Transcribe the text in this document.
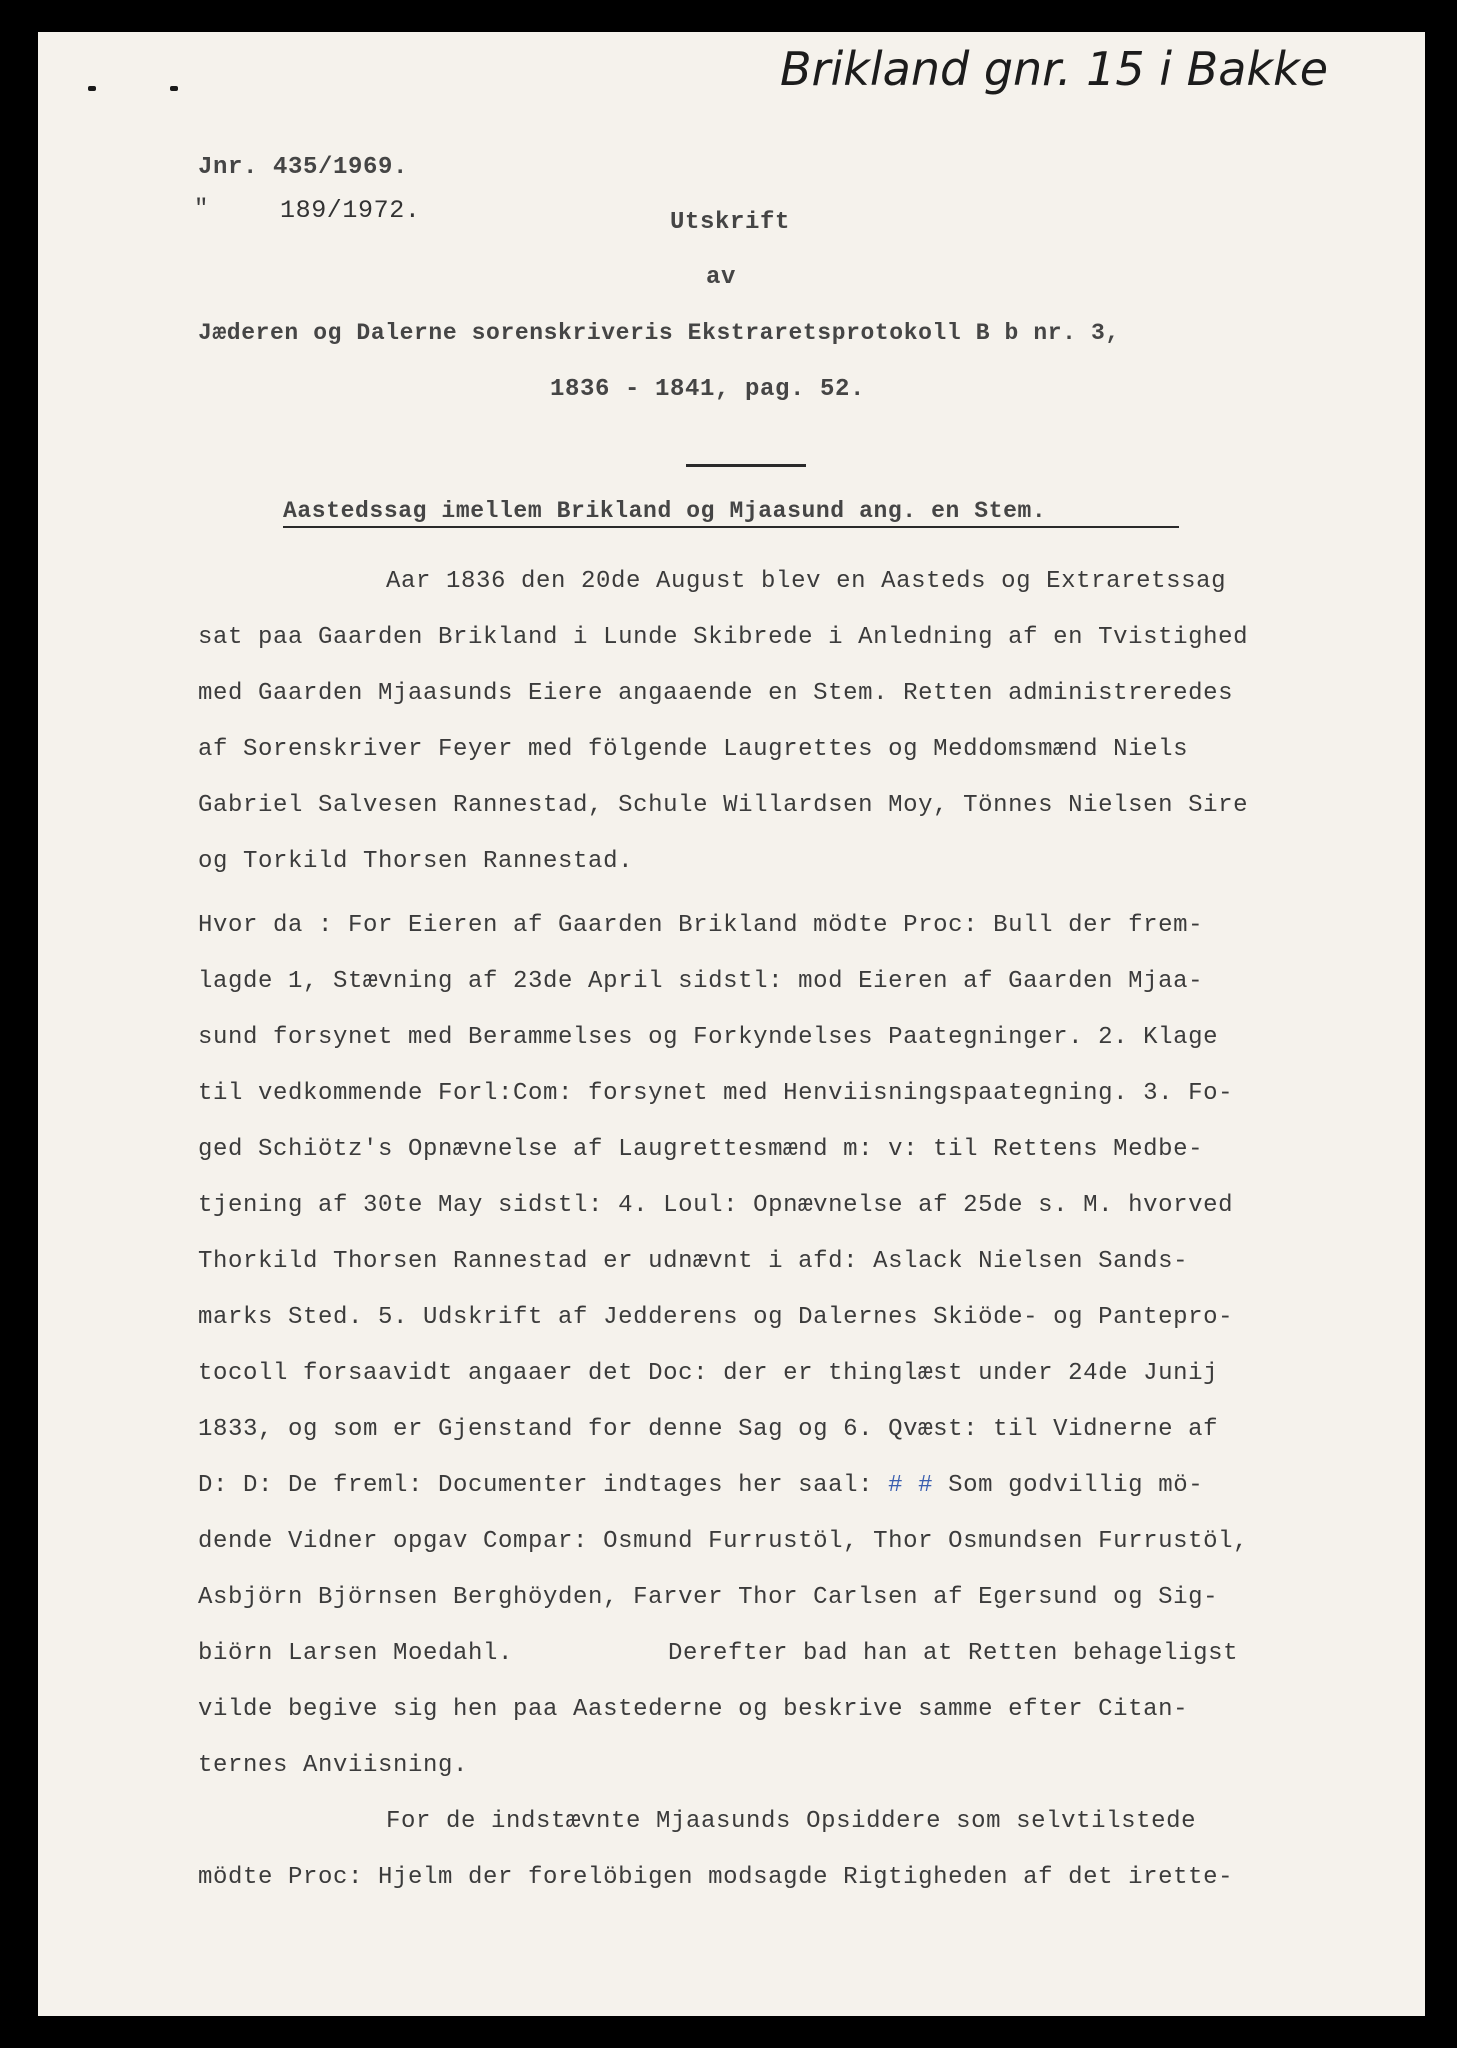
Brikland gnr. 15 i Bakke
Jnr. 435/1969.
"	189/1972.	Utskrift
av
Jæderen og Dalerne sorenskriveris Ekstraretsprotokoll B b nr. 3,
1836 - 1841, pag. 52.
Aastedssag imellem Brikland og Mjaasund ang. en Stem.
Aar 1836 den 20de August blev en Aasteds og Extraretssag
sat paa Gaarden Brikland i Lunde Skibrede i Anledning af en Tvistighed
med Gaarden Mjaasunds Eiere angaaende en Stem. Retten administreredes
af Sorenskriver Feyer med fölgende Laugrettes og Meddomsmænd Niels
Gabriel Salvesen Rannestad, Schule Willardsen Moy, Tönnes Nielsen Sire
og Torkild Thorsen Rannestad.
Hvor da : For Eieren af Gaarden Brikland mödte Proc: Bull der frem-
lagde 1, Stævning af 23de April sidstl: mod Eieren af Gaarden Mjaa-
sund forsynet med Berammelses og Forkyndelses Paategninger. 2. Klage
til vedkommende Forl:Com: forsynet med Henviisningspaategning. 3. Fo-
ged Schiötz's Opnævnelse af Laugrettesmænd m: v: til Rettens Medbe-
tjening af 30te May sidstl: 4. Loul: Opnævnelse af 25de s. M. hvorved
Thorkild Thorsen Rannestad er udnævnt i afd: Aslack Nielsen Sands-
marks Sted. 5. Udskrift af Jedderens og Dalernes Skiöde- og Pantepro-
tocoll forsaavidt angaaer det Doc: der er thinglæst under 24de Junij
1833, og som er Gjenstand for denne Sag og 6. Qvæst: til Vidnerne af
D: D: De freml: Documenter indtages her saal: # # Som godvillig mö-
dende Vidner opgav Compar: Osmund Furrustöl, Thor Osmundsen Furrustöl,
Asbjörn Björnsen Berghöyden, Farver Thor Carlsen af Egersund og Sig-
biörn Larsen Moedahl.	Derefter bad han at Retten behageligst
vilde begive sig hen paa Aastederne og beskrive samme efter Citan-
ternes Anviisning.
For de indstævnte Mjaasunds Opsiddere som selvtilstede
mödte Proc: Hjelm der forelöbigen modsagde Rigtigheden af det irette-
